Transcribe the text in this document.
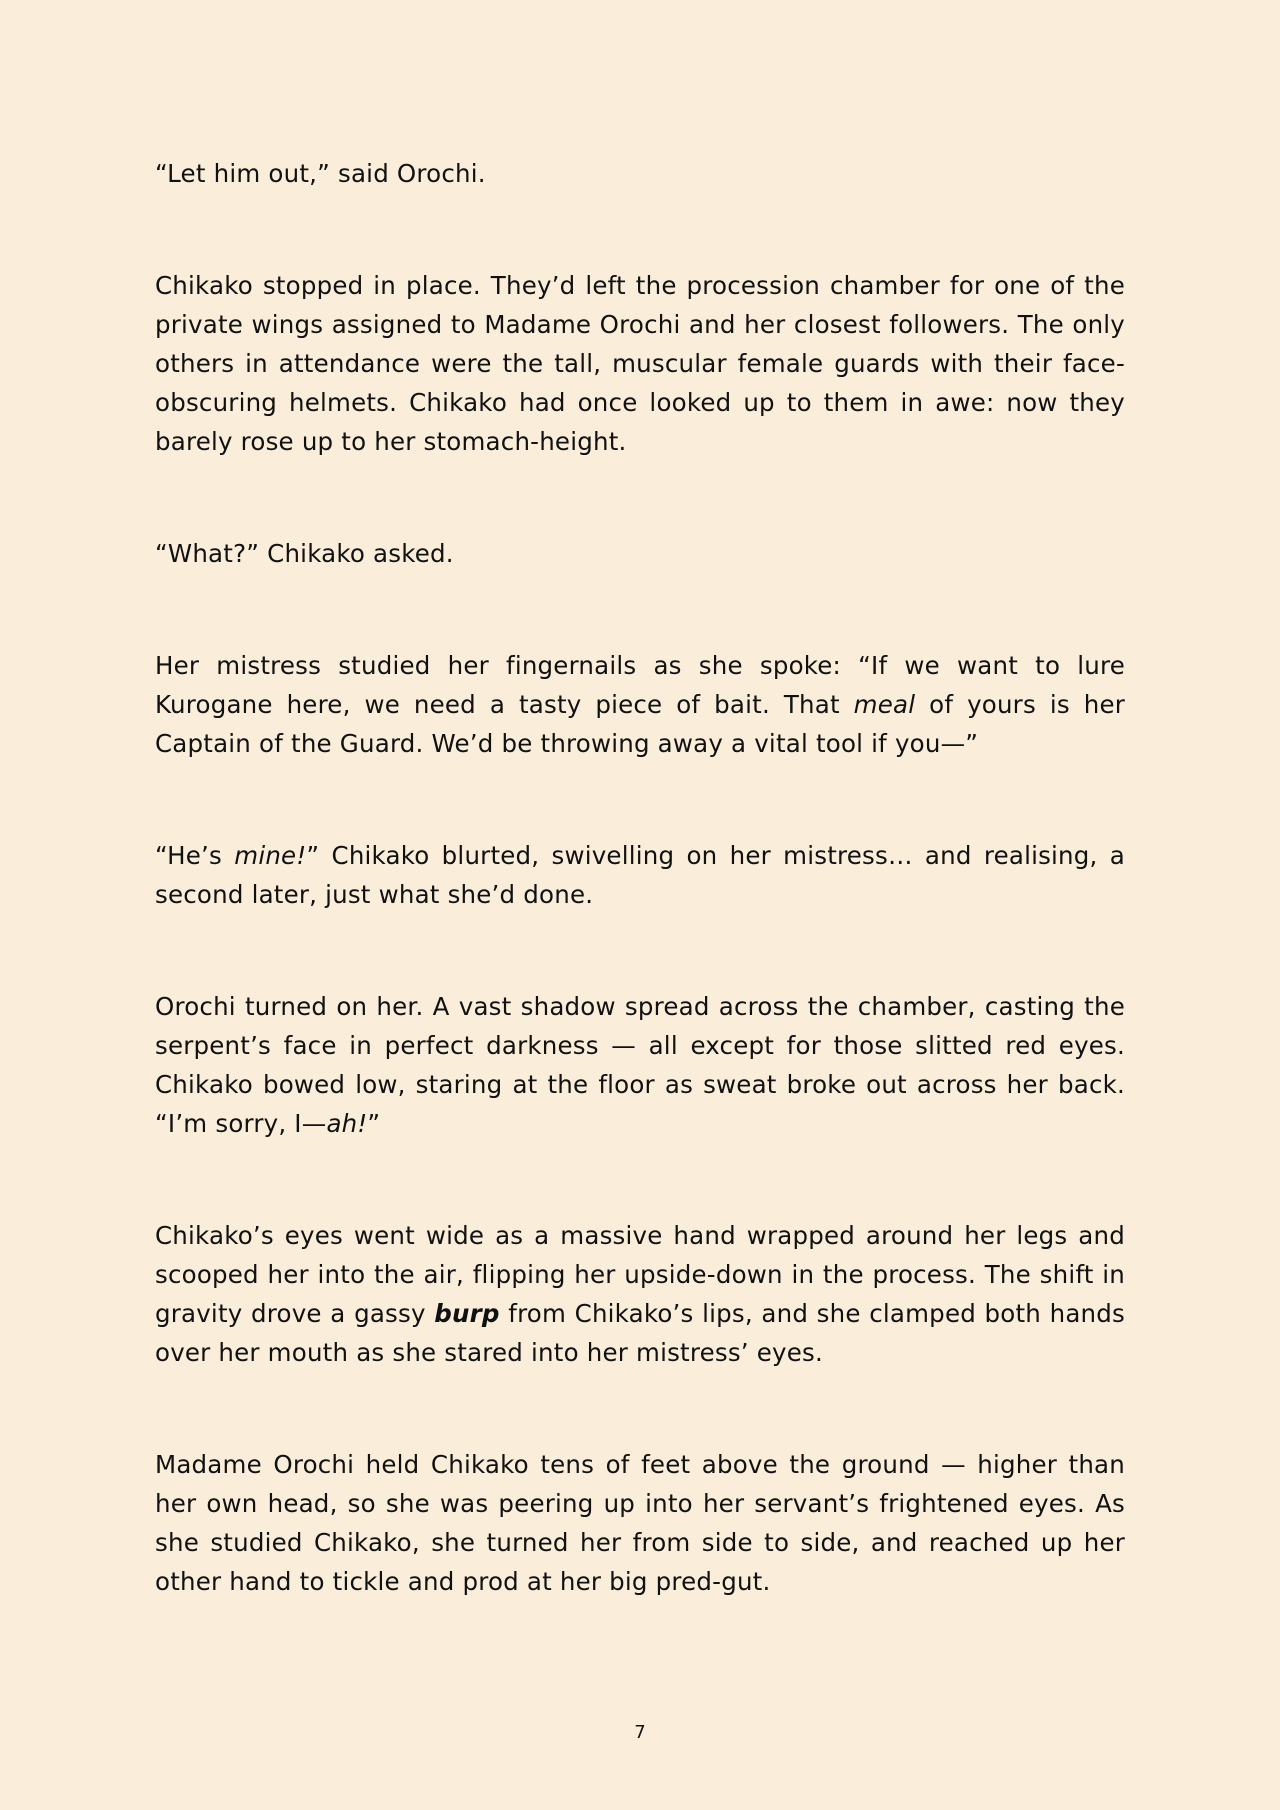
“Let him out,” said Orochi.

Chikako stopped in place. They’d left the procession chamber for one of the private wings assigned to Madame Orochi and her closest followers. The only others in attendance were the tall, muscular female guards with their face-obscuring helmets. Chikako had once looked up to them in awe: now they barely rose up to her stomach-height.

“What?” Chikako asked.

Her mistress studied her fingernails as she spoke: “If we want to lure Kurogane here, we need a tasty piece of bait. That meal of yours is her Captain of the Guard. We’d be throwing away a vital tool if you—”

“He’s mine!” Chikako blurted, swivelling on her mistress… and realising, a second later, just what she’d done.

Orochi turned on her. A vast shadow spread across the chamber, casting the serpent’s face in perfect darkness — all except for those slitted red eyes. Chikako bowed low, staring at the floor as sweat broke out across her back. “I’m sorry, I—ah!”

Chikako’s eyes went wide as a massive hand wrapped around her legs and scooped her into the air, flipping her upside-down in the process. The shift in gravity drove a gassy burp from Chikako’s lips, and she clamped both hands over her mouth as she stared into her mistress’ eyes.

Madame Orochi held Chikako tens of feet above the ground — higher than her own head, so she was peering up into her servant’s frightened eyes. As she studied Chikako, she turned her from side to side, and reached up her other hand to tickle and prod at her big pred-gut.

7
